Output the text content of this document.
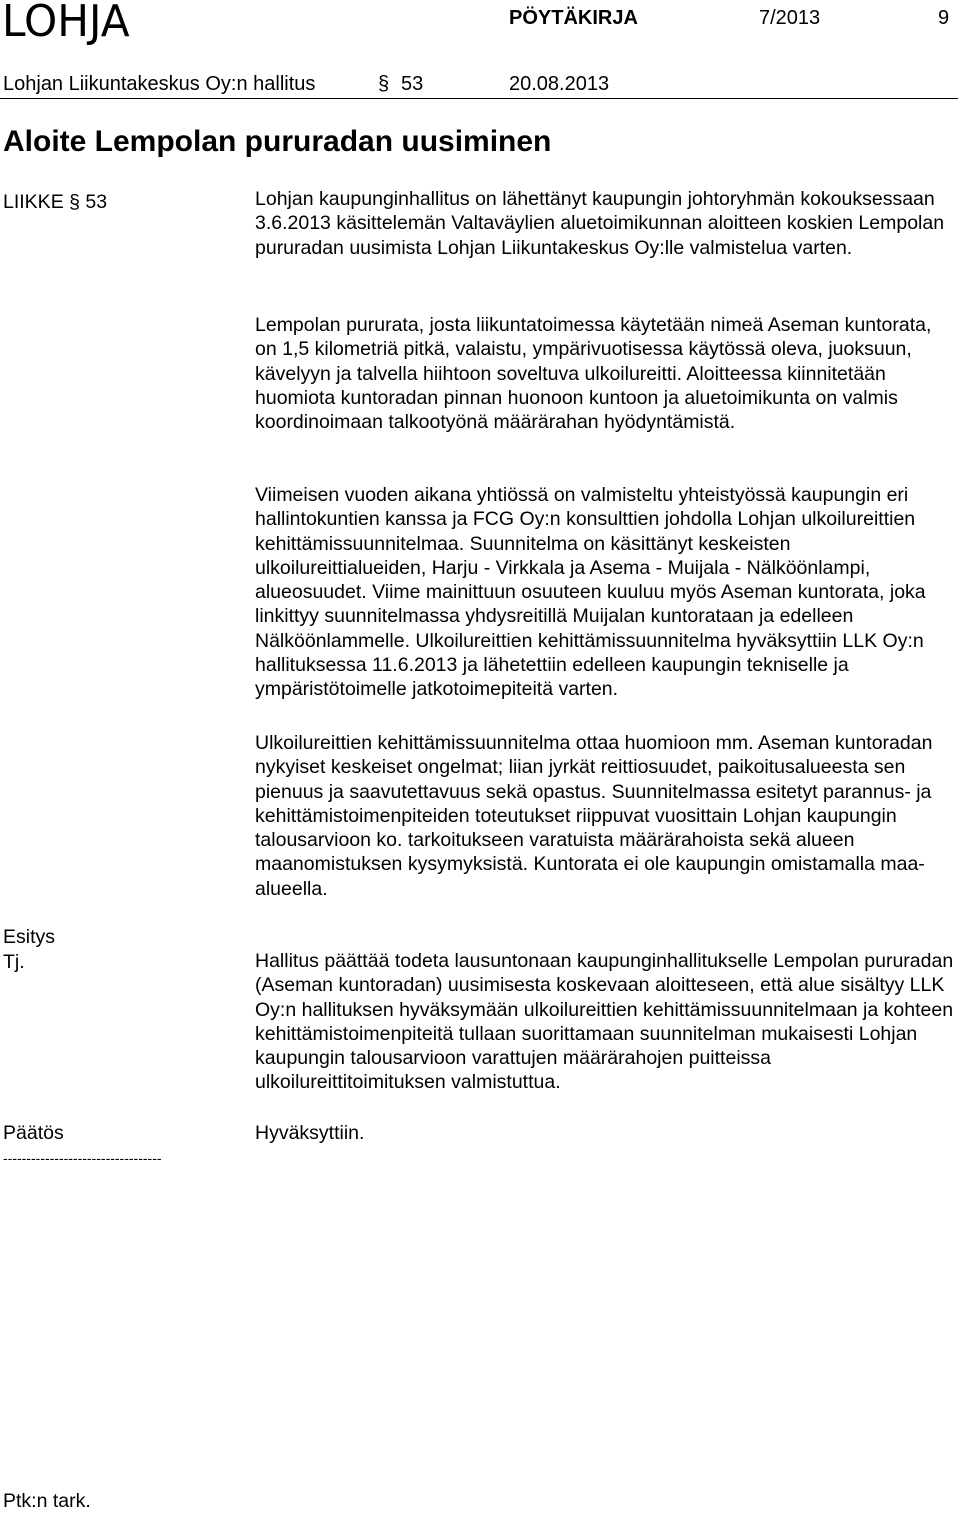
LOHJA	PÖYTÄKIRJA	7/2013	9
Lohjan Liikuntakeskus Oy:n hallitus	§ 53	20.08.2013
Aloite Lempolan pururadan uusiminen
LIIKKE § 53	Lohjan kaupunginhallitus on lähettänyt kaupungin johtoryhmän kokouksessaan 3.6.2013 käsittelemän Valtaväylien aluetoimikunnan aloitteen koskien Lempolan pururadan uusimista Lohjan Liikuntakeskus Oy:lle valmistelua varten.

Lempolan pururata, josta liikuntatoimessa käytetään nimeä Aseman kuntorata, on 1,5 kilometriä pitkä, valaistu, ympärivuotisessa käytössä oleva, juoksuun, kävelyyn ja talvella hiihtoon soveltuva ulkoilureitti. Aloitteessa kiinnitetään huomiota kuntoradan pinnan huonoon kuntoon ja aluetoimikunta on valmis koordinoimaan talkootyönä määrärahan hyödyntämistä.

Viimeisen vuoden aikana yhtiössä on valmisteltu yhteistyössä kaupungin eri hallintokuntien kanssa ja FCG Oy:n konsulttien johdolla Lohjan ulkoilureittien kehittämissuunnitelmaa. Suunnitelma on käsittänyt keskeisten ulkoilureittialueiden, Harju - Virkkala ja Asema - Muijala - Nälköönlampi, alueosuudet. Viime mainittuun osuuteen kuuluu myös Aseman kuntorata, joka linkittyy suunnitelmassa yhdysreitillä Muijalan kuntorataan ja edelleen Nälköönlammelle. Ulkoilureittien kehittämissuunnitelma hyväksyttiin LLK Oy:n hallituksessa 11.6.2013 ja lähetettiin edelleen kaupungin tekniselle ja ympäristötoimelle jatkotoimepiteitä varten.

Ulkoilureittien kehittämissuunnitelma ottaa huomioon mm. Aseman kuntoradan nykyiset keskeiset ongelmat; liian jyrkät reittiosuudet, paikoitusalueesta sen pienuus ja saavutettavuus sekä opastus. Suunnitelmassa esitetyt parannus- ja kehittämistoimenpiteiden toteutukset riippuvat vuosittain Lohjan kaupungin talousarvioon ko. tarkoitukseen varatuista määrärahoista sekä alueen maanomistuksen kysymyksistä. Kuntorata ei ole kaupungin omistamalla maa-alueella.

Esitys
Tj.	Hallitus päättää todeta lausuntonaan kaupunginhallitukselle Lempolan pururadan (Aseman kuntoradan) uusimisesta koskevaan aloitteseen, että alue sisältyy LLK Oy:n hallituksen hyväksymään ulkoilureittien kehittämissuunnitelmaan ja kohteen kehittämistoimenpiteitä tullaan suorittamaan suunnitelman mukaisesti Lohjan kaupungin talousarvioon varattujen määrärahojen puitteissa ulkoilureittitoimituksen valmistuttua.

Päätös	Hyväksyttiin.
----------------------------------
Ptk:n tark.
